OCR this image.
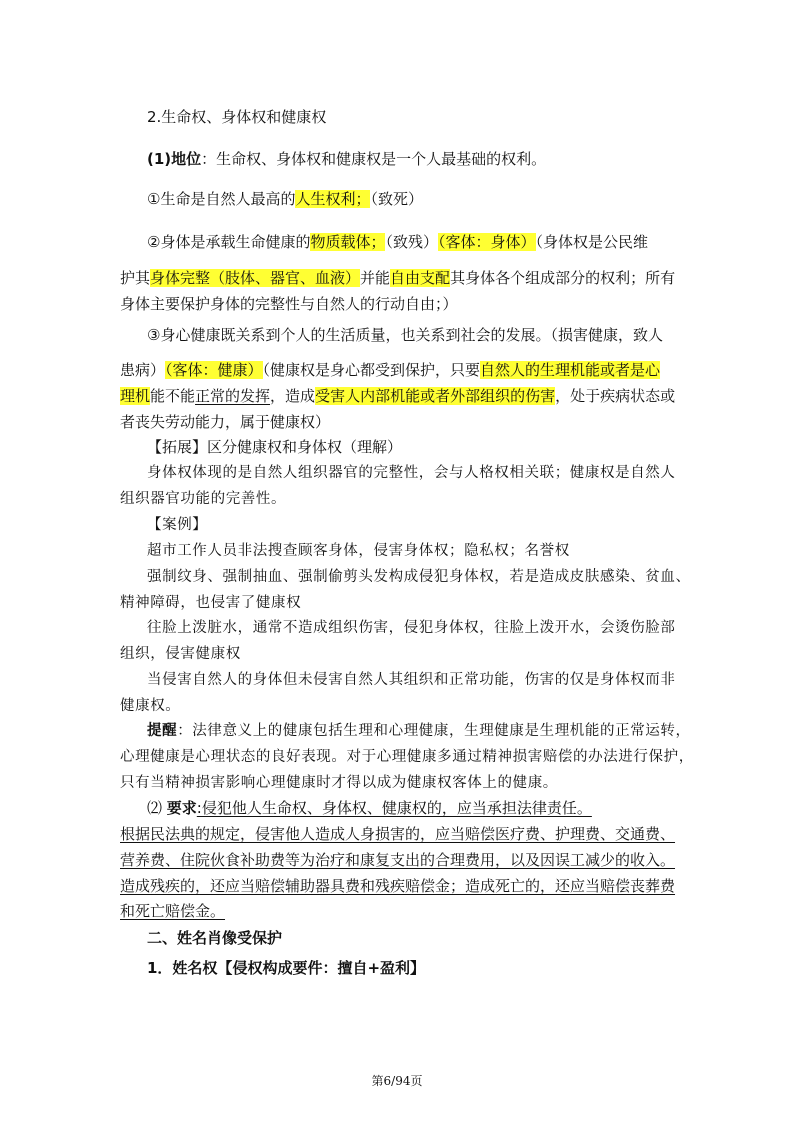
2.生命权、身体权和健康权
(1)地位：生命权、身体权和健康权是一个人最基础的权利。
①生命是自然人最高的人生权利；（致死）
②身体是承载生命健康的物质载体；（致残）（客体：身体）（身体权是公民维
护其身体完整（肢体、器官、血液）并能自由支配其身体各个组成部分的权利；所有
身体主要保护身体的完整性与自然人的行动自由；）
③身心健康既关系到个人的生活质量，也关系到社会的发展。（损害健康，致人
患病）（客体：健康）（健康权是身心都受到保护，只要自然人的生理机能或者是心
理机能不能正常的发挥，造成受害人内部机能或者外部组织的伤害，处于疾病状态或
者丧失劳动能力，属于健康权）
【拓展】区分健康权和身体权（理解）
身体权体现的是自然人组织器官的完整性，会与人格权相关联；健康权是自然人
组织器官功能的完善性。
【案例】
超市工作人员非法搜查顾客身体，侵害身体权；隐私权；名誉权
强制纹身、强制抽血、强制偷剪头发构成侵犯身体权，若是造成皮肤感染、贫血、
精神障碍，也侵害了健康权
往脸上泼脏水，通常不造成组织伤害，侵犯身体权，往脸上泼开水，会烫伤脸部
组织，侵害健康权
当侵害自然人的身体但未侵害自然人其组织和正常功能，伤害的仅是身体权而非
健康权。
提醒：法律意义上的健康包括生理和心理健康，生理健康是生理机能的正常运转，
心理健康是心理状态的良好表现。对于心理健康多通过精神损害赔偿的办法进行保护，
只有当精神损害影响心理健康时才得以成为健康权客体上的健康。
⑵ 要求:侵犯他人生命权、身体权、健康权的，应当承担法律责任。
根据民法典的规定，侵害他人造成人身损害的，应当赔偿医疗费、护理费、交通费、
营养费、住院伙食补助费等为治疗和康复支出的合理费用，以及因误工减少的收入。
造成残疾的，还应当赔偿辅助器具费和残疾赔偿金；造成死亡的，还应当赔偿丧葬费
和死亡赔偿金。
二、姓名肖像受保护
1．姓名权【侵权构成要件：擅自+盈利】
第6/94页
